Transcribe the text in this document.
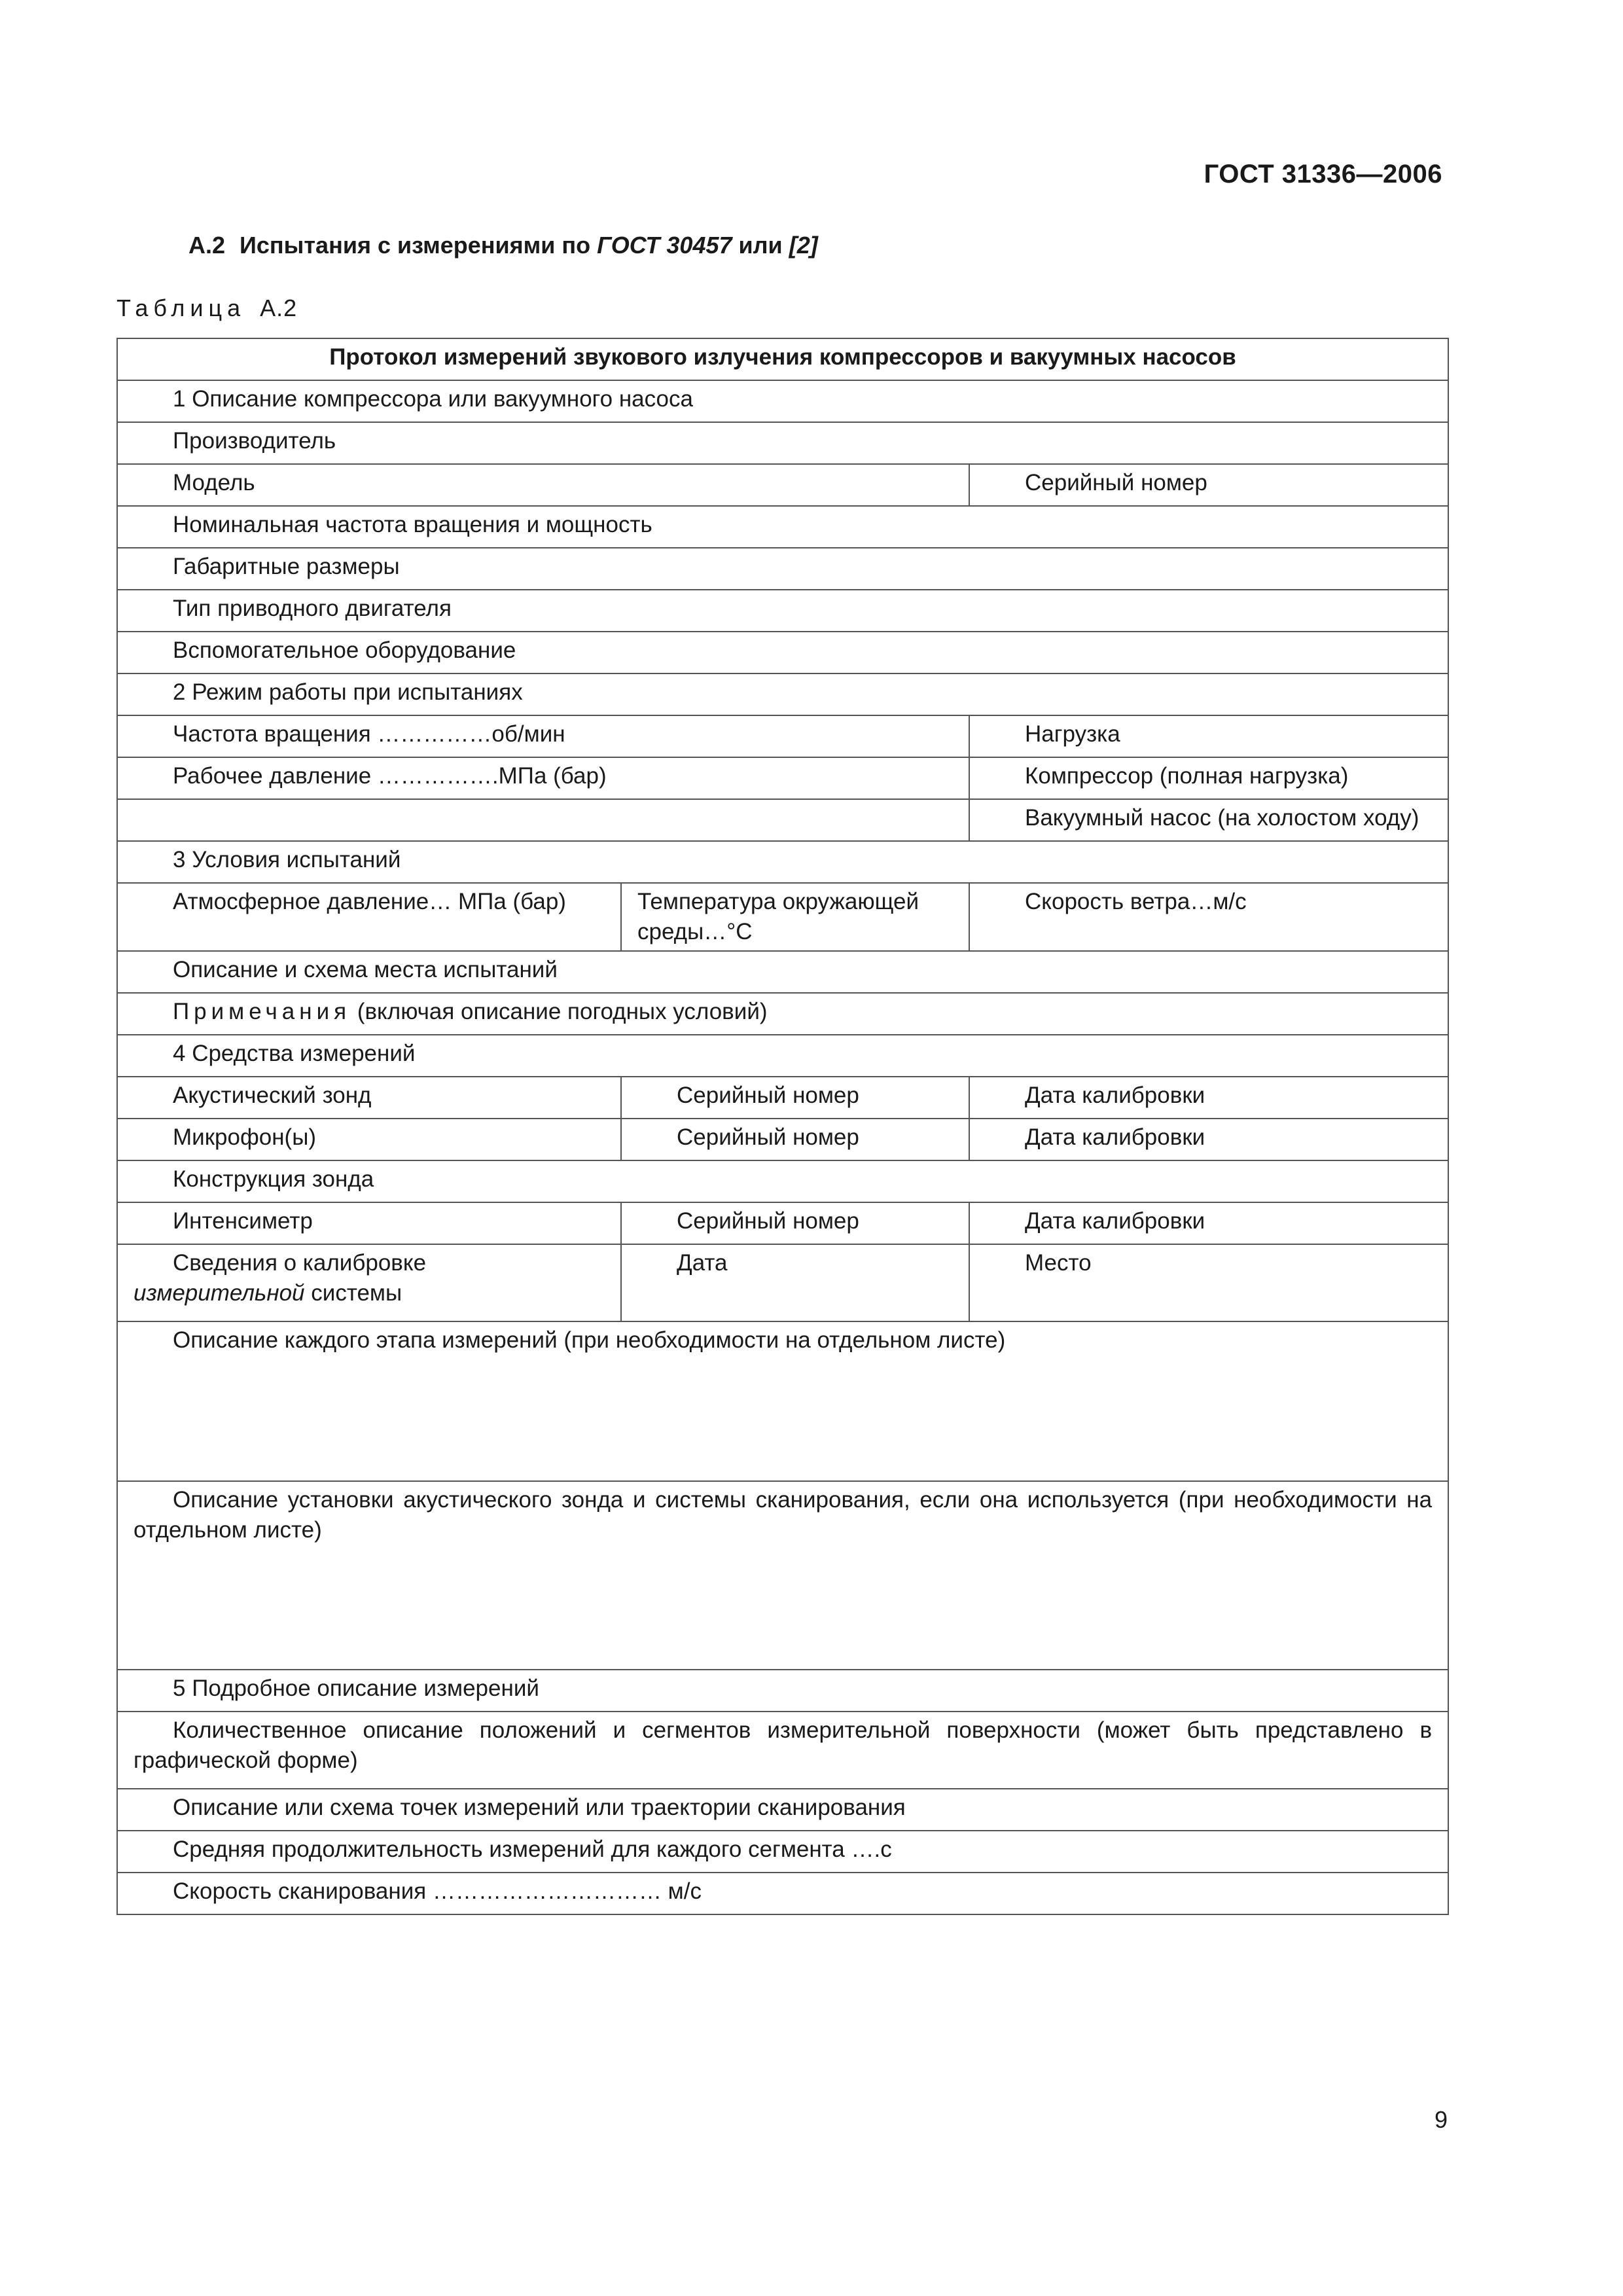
ГОСТ 31336—2006
А.2 Испытания с измерениями по ГОСТ 30457 или [2]
Таблица А.2
Протокол измерений звукового излучения компрессоров и вакуумных насосов		
1 Описание компрессора или вакуумного насоса		
Производитель		
Модель		Серийный номер
Номинальная частота вращения и мощность		
Габаритные размеры		
Тип приводного двигателя		
Вспомогательное оборудование		
2 Режим работы при испытаниях		
Частота вращения ……………об/мин		Нагрузка
Рабочее давление …………….МПа (бар)		Компрессор (полная нагрузка)
		Вакуумный насос (на холостом ходу)
3 Условия испытаний		
Атмосферное давление… МПа (бар)	Температура окружающей среды…°С	Скорость ветра…м/с
Описание и схема места испытаний		
Примечания (включая описание погодных условий)		
4 Средства измерений		
Акустический зонд	Серийный номер	Дата калибровки
Микрофон(ы)	Серийный номер	Дата калибровки
Конструкция зонда		
Интенсиметр	Серийный номер	Дата калибровки

Сведения о калибровке
измерительной системы	Дата	Место
Описание каждого этапа измерений (при необходимости на отдельном листе)		
Описание установки акустического зонда и системы сканирования, если она используется (при необходимости на отдельном листе)		
5 Подробное описание измерений		
Количественное описание положений и сегментов измерительной поверхности (может быть представлено в графической форме)		
Описание или схема точек измерений или траектории сканирования		
Средняя продолжительность измерений для каждого сегмента ….с		
Скорость сканирования ………………………… м/с		
9
